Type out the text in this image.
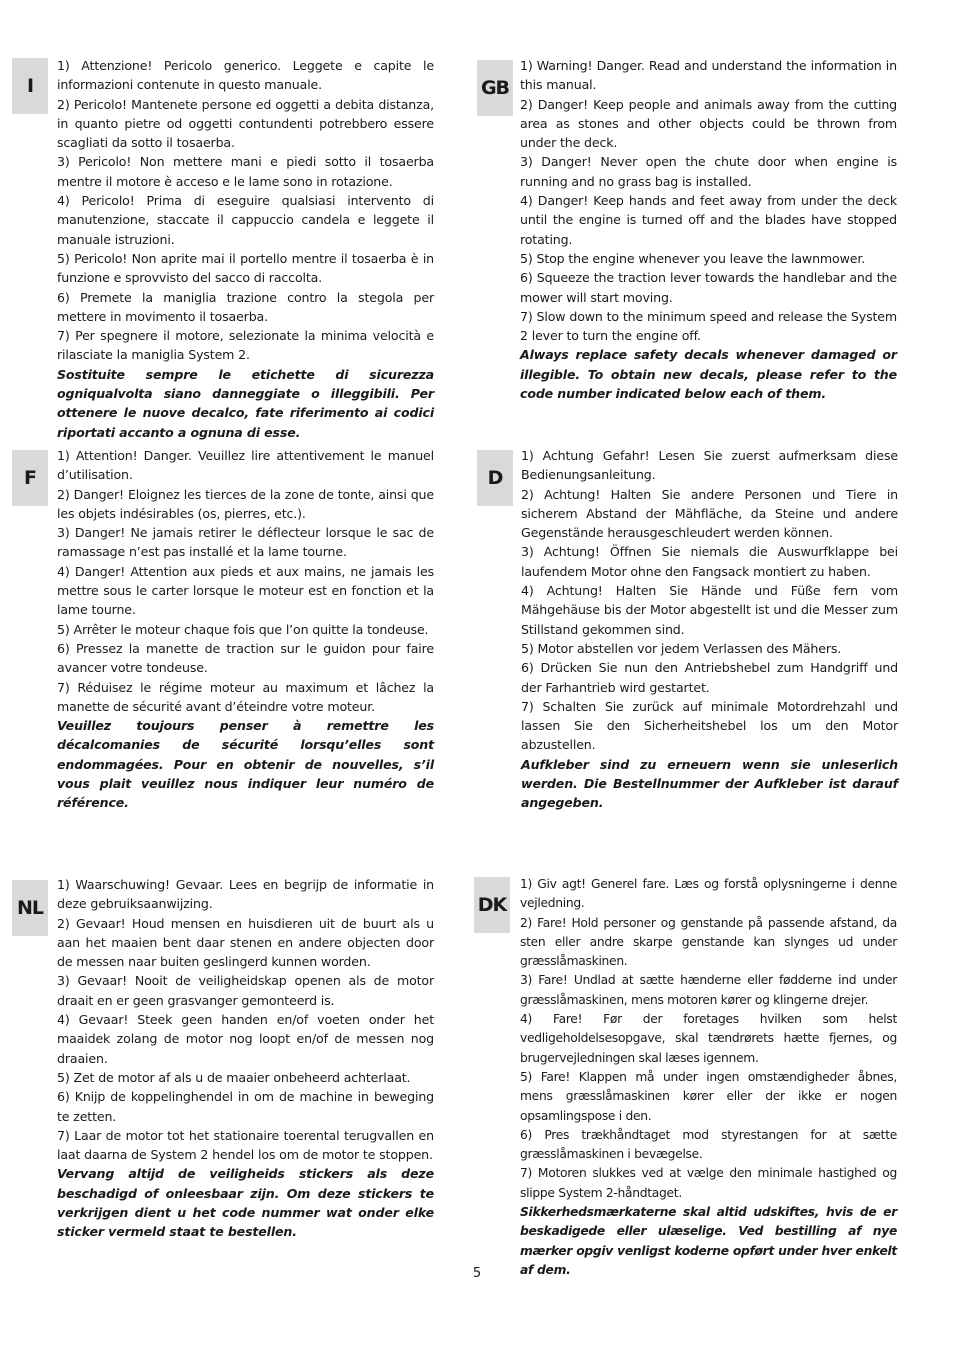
I

1) Attenzione! Pericolo generico. Leggete e capite le informazioni contenute in questo manuale.

2) Pericolo! Mantenete persone ed oggetti a debita distanza, in quanto pietre od oggetti contundenti potrebbero essere scagliati da sotto il tosaerba.

3) Pericolo! Non mettere mani e piedi sotto il tosaerba mentre il motore è acceso e le lame sono in rotazione.

4) Pericolo! Prima di eseguire qualsiasi intervento di manutenzione, staccate il cappuccio candela e leggete il manuale istruzioni.

5) Pericolo! Non aprite mai il portello mentre il tosaerba è in funzione e sprovvisto del sacco di raccolta.

6) Premete la maniglia trazione contro la stegola per mettere in movimento il tosaerba.

7) Per spegnere il motore, selezionate la minima velocità e rilasciate la maniglia System 2.

Sostituite sempre le etichette di sicurezza ogniqualvolta siano danneggiate o illeggibili. Per ottenere le nuove decalco, fate riferimento ai codici riportati accanto a ognuna di esse.

GB

1) Warning! Danger. Read and understand the information in this manual.

2) Danger! Keep people and animals away from the cutting area as stones and other objects could be thrown from under the deck.

3) Danger! Never open the chute door when engine is running and no grass bag is installed.

4) Danger! Keep hands and feet away from under the deck until the engine is turned off and the blades have stopped rotating.

5) Stop the engine whenever you leave the lawnmower.

6) Squeeze the traction lever towards the handlebar and the mower will start moving.

7) Slow down to the minimum speed and release the System 2 lever to turn the engine off.

Always replace safety decals whenever damaged or illegible. To obtain new decals, please refer to the code number indicated below each of them.

F

1) Attention! Danger. Veuillez lire attentivement le manuel d’utilisation.

2) Danger! Eloignez les tierces de la zone de tonte, ainsi que les objets indésirables (os, pierres, etc.).

3) Danger! Ne jamais retirer le déflecteur lorsque le sac de ramassage n’est pas installé et la lame tourne.

4) Danger! Attention aux pieds et aux mains, ne jamais les mettre sous le carter lorsque le moteur est en fonction et la lame tourne.

5) Arrêter le moteur chaque fois que l’on quitte la tondeuse.

6) Pressez la manette de traction sur le guidon pour faire avancer votre tondeuse.

7) Réduisez le régime moteur au maximum et lâchez la manette de sécurité avant d’éteindre votre moteur.

Veuillez toujours penser à remettre les décalcomanies de sécurité lorsqu’elles sont endommagées. Pour en obtenir de nouvelles, s’il vous plait veuillez nous indiquer leur numéro de référence.

D

1) Achtung Gefahr! Lesen Sie zuerst aufmerksam diese Bedienungsanleitung.

2) Achtung! Halten Sie andere Personen und Tiere in sicherem Abstand der Mähfläche, da Steine und andere Gegenstände herausgeschleudert werden können.

3) Achtung! Öffnen Sie niemals die Auswurfklappe bei laufendem Motor ohne den Fangsack montiert zu haben.

4) Achtung! Halten Sie Hände und Füße fern vom Mähgehäuse bis der Motor abgestellt ist und die Messer zum Stillstand gekommen sind.

5) Motor abstellen vor jedem Verlassen des Mähers.

6) Drücken Sie nun den Antriebshebel zum Handgriff und der Farhantrieb wird gestartet.

7) Schalten Sie zurück auf minimale Motordrehzahl und lassen Sie den Sicherheitshebel los um den Motor abzustellen.

Aufkleber sind zu erneuern wenn sie unleserlich werden. Die Bestellnummer der Aufkleber ist darauf angegeben.

NL

1) Waarschuwing! Gevaar. Lees en begrijp de informatie in deze gebruiksaanwijzing.

2) Gevaar! Houd mensen en huisdieren uit de buurt als u aan het maaien bent daar stenen en andere objecten door de messen naar buiten geslingerd kunnen worden.

3) Gevaar! Nooit de veiligheidskap openen als de motor draait en er geen grasvanger gemonteerd is.

4) Gevaar! Steek geen handen en/of voeten onder het maaidek zolang de motor nog loopt en/of de messen nog draaien.

5) Zet de motor af als u de maaier onbeheerd achterlaat.

6) Knijp de koppelinghendel in om de machine in beweging te zetten.

7) Laar de motor tot het stationaire toerental terugvallen en laat daarna de System 2 hendel los om de motor te stoppen.

Vervang altijd de veiligheids stickers als deze beschadigd of onleesbaar zijn. Om deze stickers te verkrijgen dient u het code nummer wat onder elke sticker vermeld staat te bestellen.

DK

1) Giv agt! Generel fare. Læs og forstå oplysningerne i denne vejledning.

2) Fare! Hold personer og genstande på passende afstand, da sten eller andre skarpe genstande kan slynges ud under græsslåmaskinen.

3) Fare! Undlad at sætte hænderne eller fødderne ind under græsslåmaskinen, mens motoren kører og klingerne drejer.

4) Fare! Før der foretages hvilken som helst vedligeholdelsesopgave, skal tændrørets hætte fjernes, og brugervejledningen skal læses igennem.

5) Fare! Klappen må under ingen omstændigheder åbnes, mens græsslåmaskinen kører eller der ikke er nogen opsamlingspose i den.

6) Pres trækhåndtaget mod styrestangen for at sætte græsslåmaskinen i bevægelse.

7) Motoren slukkes ved at vælge den minimale hastighed og slippe System 2-håndtaget.

Sikkerhedsmærkaterne skal altid udskiftes, hvis de er beskadigede eller ulæselige. Ved bestilling af nye mærker opgiv venligst koderne opført under hver enkelt af dem.

5
